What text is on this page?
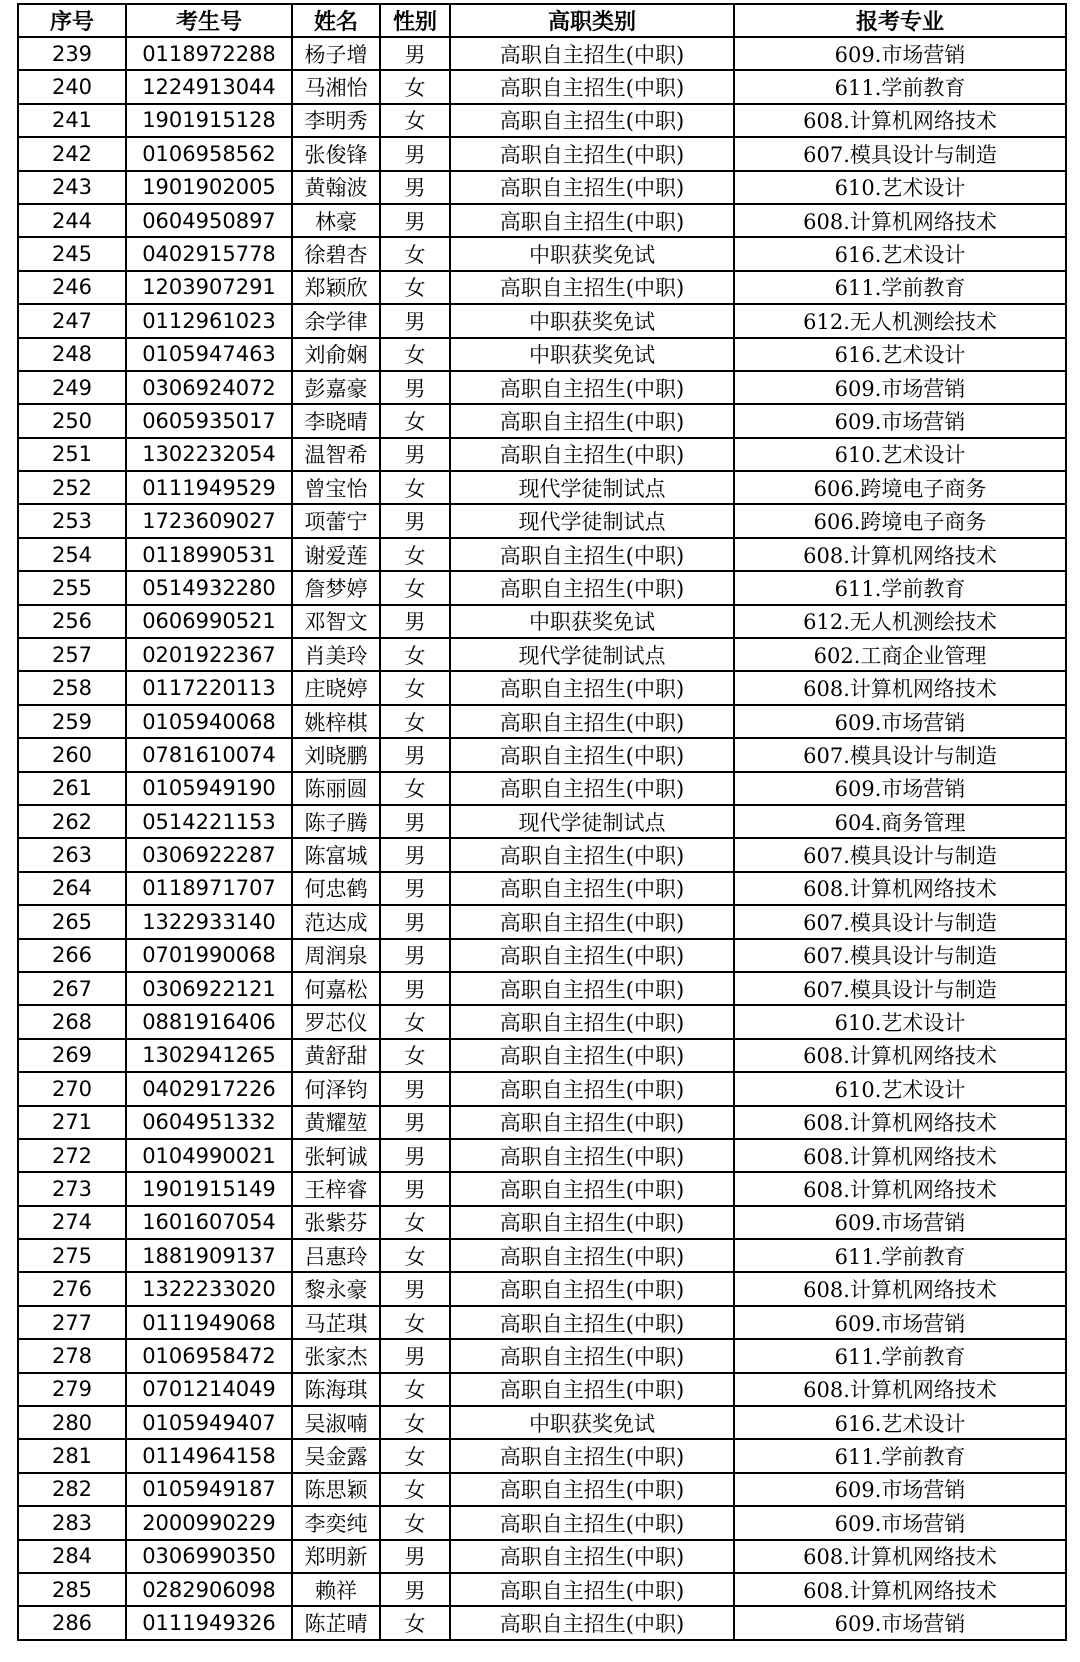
序号	考生号	姓名	性别	高职类别	报考专业
239	0118972288	杨子增	男	高职自主招生(中职)	609.市场营销
240	1224913044	马湘怡	女	高职自主招生(中职)	611.学前教育
241	1901915128	李明秀	女	高职自主招生(中职)	608.计算机网络技术
242	0106958562	张俊锋	男	高职自主招生(中职)	607.模具设计与制造
243	1901902005	黄翰波	男	高职自主招生(中职)	610.艺术设计
244	0604950897	林豪	男	高职自主招生(中职)	608.计算机网络技术
245	0402915778	徐碧杏	女	中职获奖免试	616.艺术设计
246	1203907291	郑颖欣	女	高职自主招生(中职)	611.学前教育
247	0112961023	余学律	男	中职获奖免试	612.无人机测绘技术
248	0105947463	刘俞娴	女	中职获奖免试	616.艺术设计
249	0306924072	彭嘉豪	男	高职自主招生(中职)	609.市场营销
250	0605935017	李晓晴	女	高职自主招生(中职)	609.市场营销
251	1302232054	温智希	男	高职自主招生(中职)	610.艺术设计
252	0111949529	曾宝怡	女	现代学徒制试点	606.跨境电子商务
253	1723609027	项蕾宁	男	现代学徒制试点	606.跨境电子商务
254	0118990531	谢爱莲	女	高职自主招生(中职)	608.计算机网络技术
255	0514932280	詹梦婷	女	高职自主招生(中职)	611.学前教育
256	0606990521	邓智文	男	中职获奖免试	612.无人机测绘技术
257	0201922367	肖美玲	女	现代学徒制试点	602.工商企业管理
258	0117220113	庄晓婷	女	高职自主招生(中职)	608.计算机网络技术
259	0105940068	姚梓棋	女	高职自主招生(中职)	609.市场营销
260	0781610074	刘晓鹏	男	高职自主招生(中职)	607.模具设计与制造
261	0105949190	陈丽圆	女	高职自主招生(中职)	609.市场营销
262	0514221153	陈子腾	男	现代学徒制试点	604.商务管理
263	0306922287	陈富城	男	高职自主招生(中职)	607.模具设计与制造
264	0118971707	何忠鹤	男	高职自主招生(中职)	608.计算机网络技术
265	1322933140	范达成	男	高职自主招生(中职)	607.模具设计与制造
266	0701990068	周润泉	男	高职自主招生(中职)	607.模具设计与制造
267	0306922121	何嘉松	男	高职自主招生(中职)	607.模具设计与制造
268	0881916406	罗芯仪	女	高职自主招生(中职)	610.艺术设计
269	1302941265	黄舒甜	女	高职自主招生(中职)	608.计算机网络技术
270	0402917226	何泽钧	男	高职自主招生(中职)	610.艺术设计
271	0604951332	黄耀堃	男	高职自主招生(中职)	608.计算机网络技术
272	0104990021	张轲诚	男	高职自主招生(中职)	608.计算机网络技术
273	1901915149	王梓睿	男	高职自主招生(中职)	608.计算机网络技术
274	1601607054	张紫芬	女	高职自主招生(中职)	609.市场营销
275	1881909137	吕惠玲	女	高职自主招生(中职)	611.学前教育
276	1322233020	黎永豪	男	高职自主招生(中职)	608.计算机网络技术
277	0111949068	马芷琪	女	高职自主招生(中职)	609.市场营销
278	0106958472	张家杰	男	高职自主招生(中职)	611.学前教育
279	0701214049	陈海琪	女	高职自主招生(中职)	608.计算机网络技术
280	0105949407	吴淑喃	女	中职获奖免试	616.艺术设计
281	0114964158	吴金露	女	高职自主招生(中职)	611.学前教育
282	0105949187	陈思颖	女	高职自主招生(中职)	609.市场营销
283	2000990229	李奕纯	女	高职自主招生(中职)	609.市场营销
284	0306990350	郑明新	男	高职自主招生(中职)	608.计算机网络技术
285	0282906098	赖祥	男	高职自主招生(中职)	608.计算机网络技术
286	0111949326	陈芷晴	女	高职自主招生(中职)	609.市场营销
